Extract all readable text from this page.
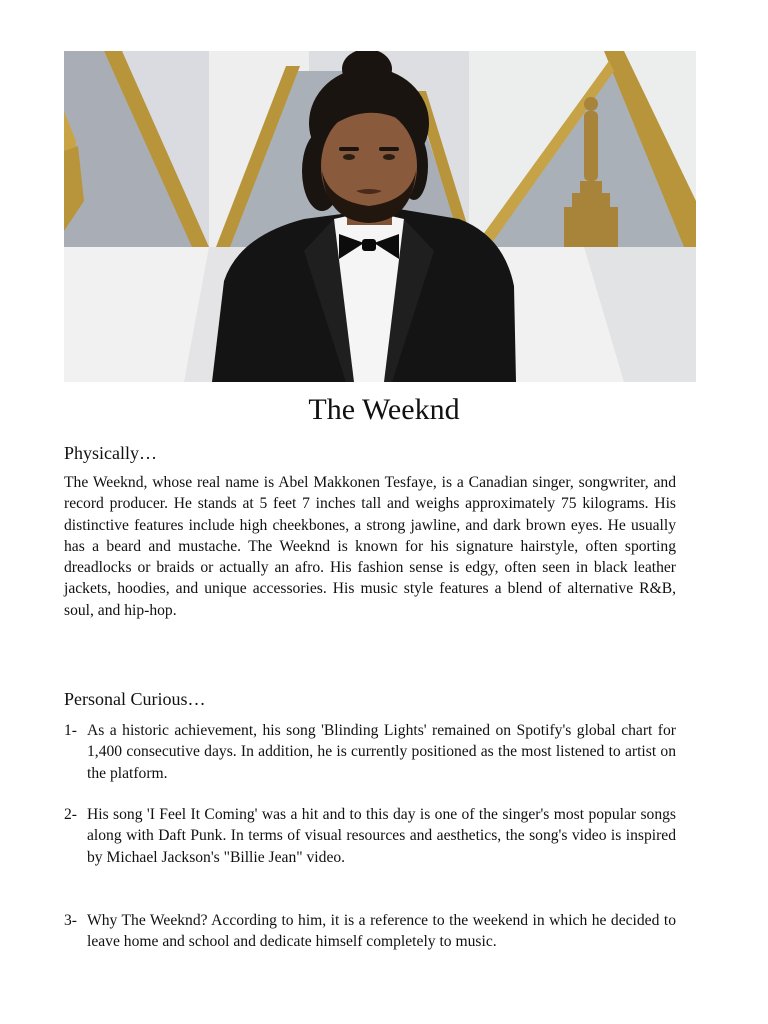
The Weeknd
Physically…

The Weeknd, whose real name is Abel Makkonen Tesfaye, is a Canadian singer, songwriter, and record producer. He stands at 5 feet 7 inches tall and weighs approximately 75 kilograms. His distinctive features include high cheekbones, a strong jawline, and dark brown eyes. He usually has a beard and mustache. The Weeknd is known for his signature hairstyle, often sporting dreadlocks or braids or actually an afro. His fashion sense is edgy, often seen in black leather jackets, hoodies, and unique accessories. His music style features a blend of alternative R&B, soul, and hip-hop.

Personal Curious…
1- As a historic achievement, his song 'Blinding Lights' remained on Spotify's global chart for 1,400 consecutive days. In addition, he is currently positioned as the most listened to artist on the platform.
2- His song 'I Feel It Coming' was a hit and to this day is one of the singer's most popular songs along with Daft Punk. In terms of visual resources and aesthetics, the song's video is inspired by Michael Jackson's "Billie Jean" video.
3- Why The Weeknd? According to him, it is a reference to the weekend in which he decided to leave home and school and dedicate himself completely to music.
